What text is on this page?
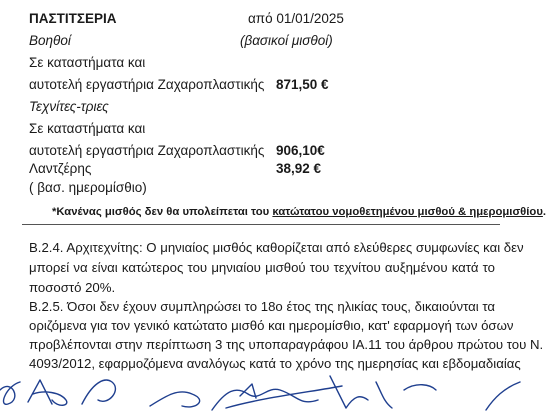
ΠΑΣΤΙΤΣΕΡΙΑ	από 01/01/2025
Βοηθοί	(βασικοί μισθοί)
Σε καταστήματα και
αυτοτελή εργαστήρια Ζαχαροπλαστικής 871,50 €
Τεχνίτες-τριες
Σε καταστήματα και
αυτοτελή εργαστήρια Ζαχαροπλαστικής 906,10€
Λαντζέρης	38,92 €
( βασ. ημερομίσθιο)
*Κανένας μισθός δεν θα υπολείπεται του κατώτατου νομοθετημένου μισθού & ημερομισθίου.
Β.2.4. Αρχιτεχνίτης: Ο μηνιαίος μισθός καθορίζεται από ελεύθερες συμφωνίες και δεν
μπορεί να είναι κατώτερος του μηνιαίου μισθού του τεχνίτου αυξημένου κατά το
ποσοστό 20%.
Β.2.5. Όσοι δεν έχουν συμπληρώσει το 18ο έτος της ηλικίας τους, δικαιούνται τα
οριζόμενα για τον γενικό κατώτατο μισθό και ημερομίσθιο, κατ' εφαρμογή των όσων
προβλέπονται στην περίπτωση 3 της υποπαραγράφου ΙΑ.11 του άρθρου πρώτου του Ν.
4093/2012, εφαρμοζόμενα αναλόγως κατά το χρόνο της ημερησίας και εβδομαδιαίας
